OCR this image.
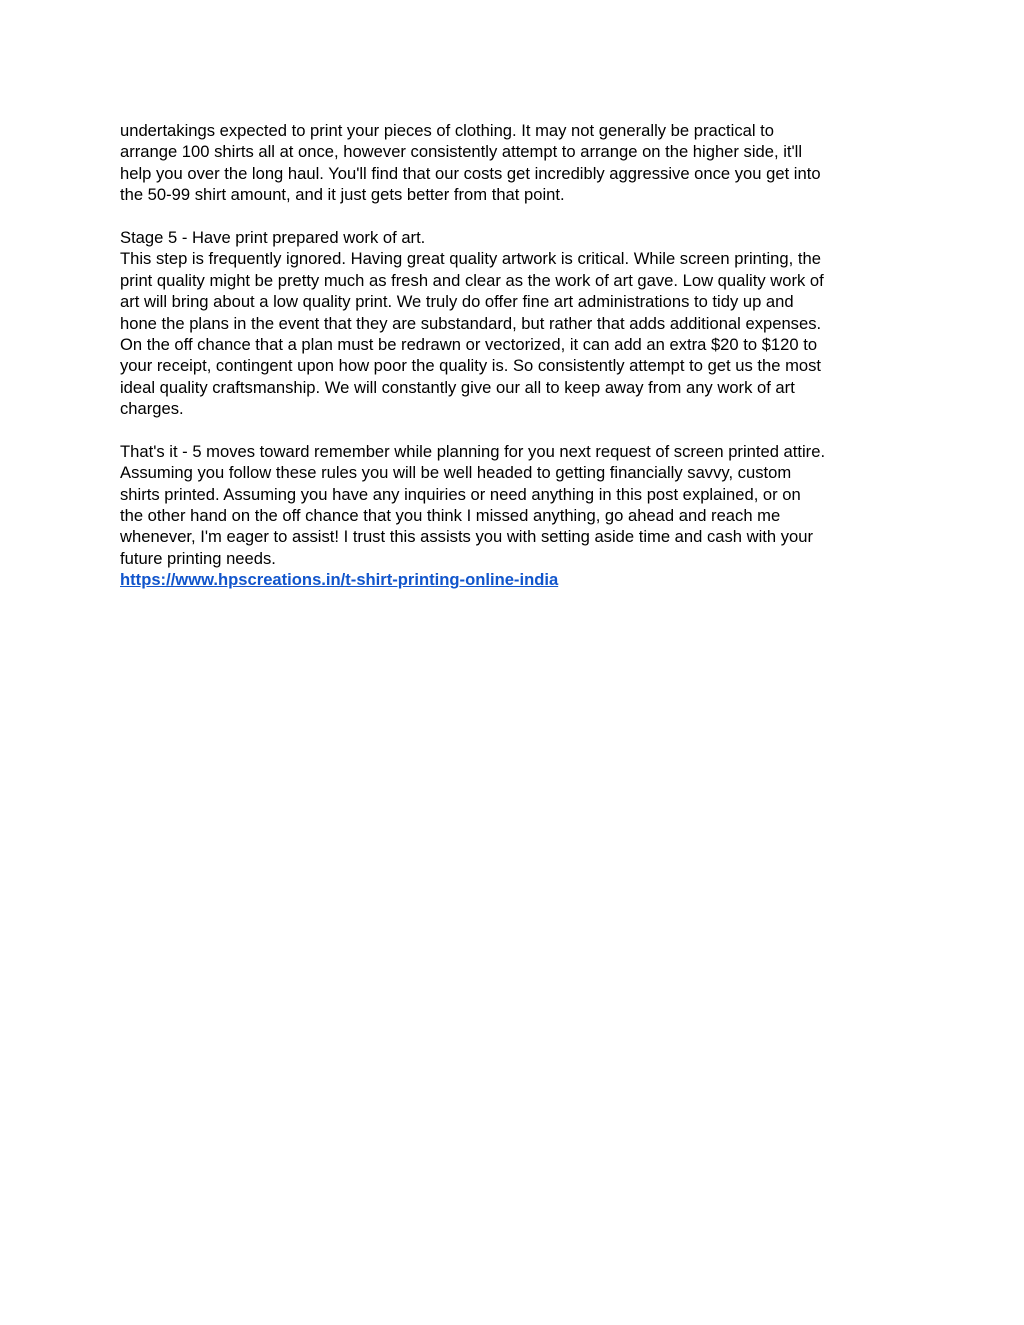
undertakings expected to print your pieces of clothing. It may not generally be practical to
arrange 100 shirts all at once, however consistently attempt to arrange on the higher side, it'll
help you over the long haul. You'll find that our costs get incredibly aggressive once you get into
the 50-99 shirt amount, and it just gets better from that point.
Stage 5 - Have print prepared work of art.
This step is frequently ignored. Having great quality artwork is critical. While screen printing, the
print quality might be pretty much as fresh and clear as the work of art gave. Low quality work of
art will bring about a low quality print. We truly do offer fine art administrations to tidy up and
hone the plans in the event that they are substandard, but rather that adds additional expenses.
On the off chance that a plan must be redrawn or vectorized, it can add an extra $20 to $120 to
your receipt, contingent upon how poor the quality is. So consistently attempt to get us the most
ideal quality craftsmanship. We will constantly give our all to keep away from any work of art
charges.
That's it - 5 moves toward remember while planning for you next request of screen printed attire.
Assuming you follow these rules you will be well headed to getting financially savvy, custom
shirts printed. Assuming you have any inquiries or need anything in this post explained, or on
the other hand on the off chance that you think I missed anything, go ahead and reach me
whenever, I'm eager to assist! I trust this assists you with setting aside time and cash with your
future printing needs.
https://www.hpscreations.in/t-shirt-printing-online-india
